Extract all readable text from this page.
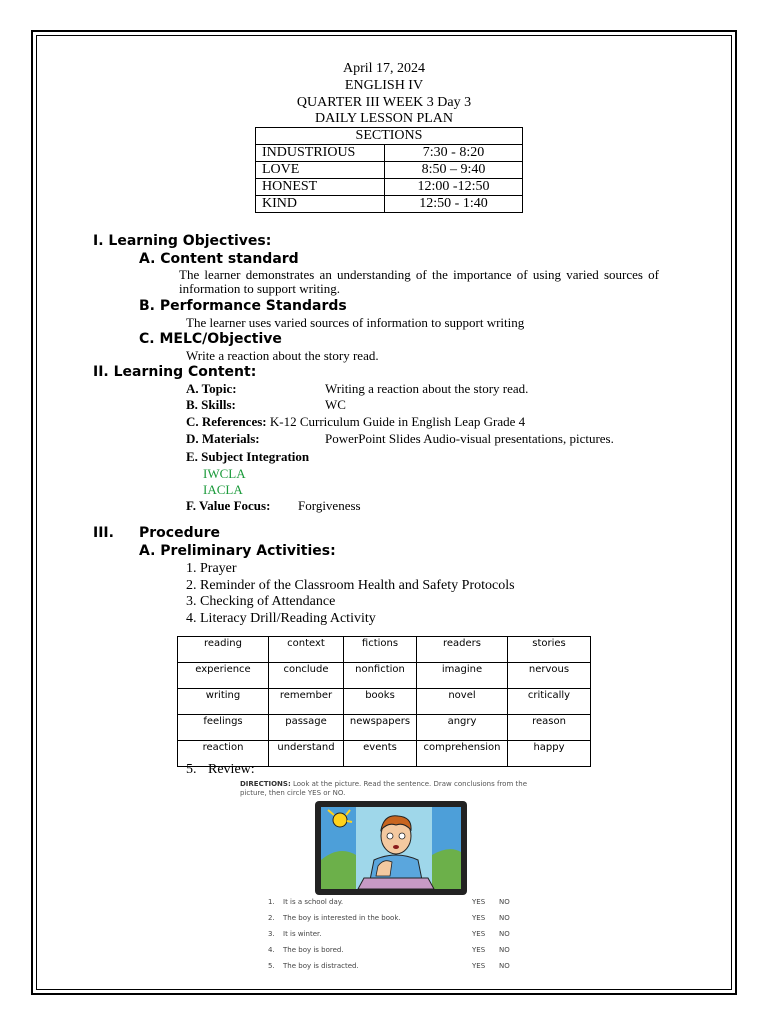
April 17, 2024
ENGLISH IV
QUARTER III WEEK 3 Day 3
DAILY LESSON PLAN
SECTIONS	
INDUSTRIOUS	7:30 - 8:20
LOVE	8:50 – 9:40
HONEST	12:00 -12:50
KIND	12:50 - 1:40
I. Learning Objectives:
A. Content standard
The learner demonstrates an understanding of the importance of using varied sources of information to support writing.
B. Performance Standards
The learner uses varied sources of information to support writing
C. MELC/Objective
Write a reaction about the story read.
II. Learning Content:
A. Topic:	Writing a reaction about the story read.
B. Skills:	WC
C. References: K-12 Curriculum Guide in English Leap Grade 4
D. Materials:	PowerPoint Slides Audio-visual presentations, pictures.
E. Subject Integration
IWCLA
IACLA
F. Value Focus: Forgiveness
III. Procedure
A. Preliminary Activities:
1. Prayer
2. Reminder of the Classroom Health and Safety Protocols
3. Checking of Attendance
4. Literacy Drill/Reading Activity
reading	context	fictions	readers	stories
experience	conclude	nonfiction	imagine	nervous
writing	remember	books	novel	critically
feelings	passage	newspapers	angry	reason
reaction	understand	events	comprehension	happy
5. Review:
DIRECTIONS: Look at the picture. Read the sentence. Draw conclusions from the picture, then circle YES or NO.
1. It is a school day.	YES NO
2. The boy is interested in the book.	YES NO
3. It is winter.	YES NO
4. The boy is bored.	YES NO
5. The boy is distracted.	YES NO
